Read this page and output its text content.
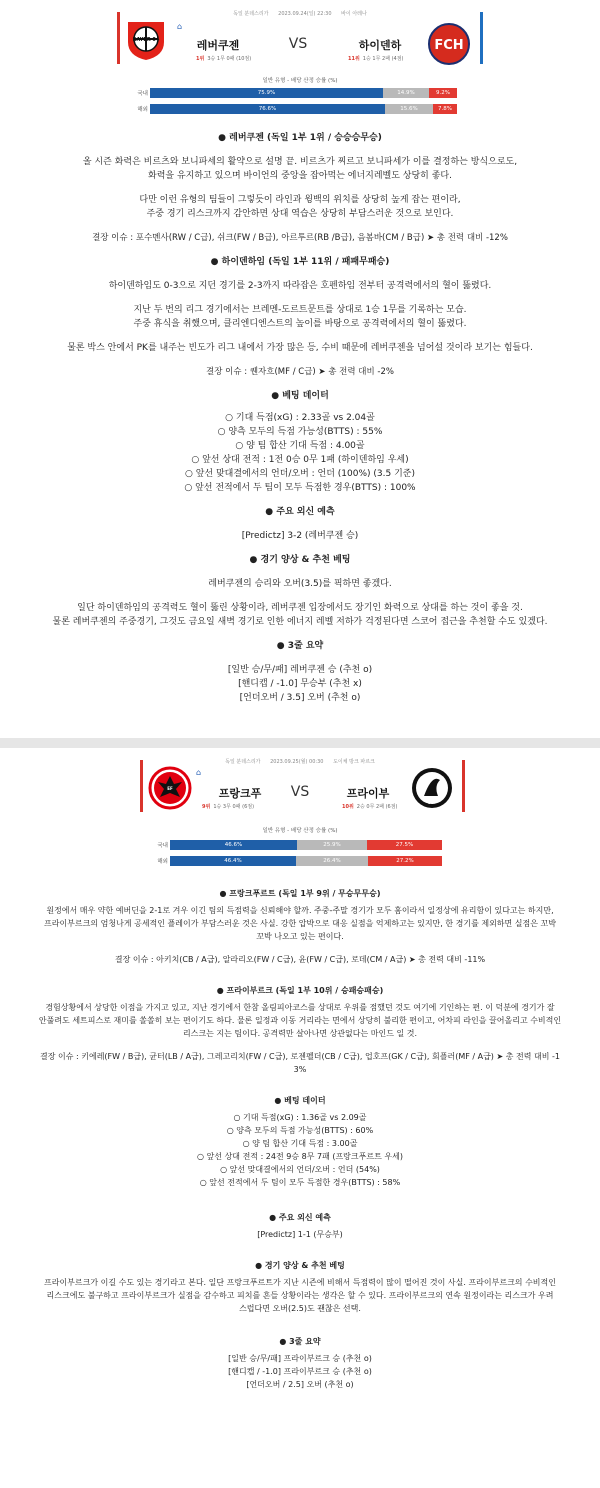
독일 분데스리가 2023.09.24(일) 22:30 바이 아레나
⌂
BAYER 04	레버쿠젠
1위 3승 1무 0패 (10점)
VS	하이덴하
11위 1승 1무 2패 (4점)
FCH
일반 유형 - 배당 산정 승률 (%)
국내	75.9%	14.9%	9.2%
해외	76.6%	15.6%	7.8%
● 레버쿠젠 (독일 1부 1위 / 승승승무승)
올 시즌 화력은 비르츠와 보니파세의 활약으로 설명 끝. 비르츠가 찌르고 보니파세가 이를 결정하는 방식으로도,
화력을 유지하고 있으며 바이언의 중앙을 잡아먹는 에너지레벨도 상당히 좋다.
다만 이런 유형의 팀들이 그렇듯이 라인과 윙백의 위치를 상당히 높게 잡는 편이라,
주중 경기 리스크까지 감안하면 상대 역습은 상당히 부담스러운 것으로 보인다.
결장 이슈 : 포수멘사(RW / C급), 쉬크(FW / B급), 아르투르(RB /B급), 음봄바(CM / B급) ➤ 총 전력 대비 -12%
● 하이덴하임 (독일 1부 11위 / 패패무패승)
하이덴하임도 0-3으로 지던 경기를 2-3까지 따라잡은 호펜하임 전부터 공격력에서의 혈이 뚫렸다.
지난 두 번의 리그 경기에서는 브레멘-도르트문트를 상대로 1승 1무를 기록하는 모습.
주중 휴식을 취했으며, 클리엔디엔스트의 높이를 바탕으로 공격력에서의 혈이 뚫렸다.
물론 박스 안에서 PK를 내주는 빈도가 리그 내에서 가장 많은 등, 수비 때문에 레버쿠젠을 넘어설 것이라 보기는 힘들다.
결장 이슈 : 퀜자흐(MF / C급) ➤ 총 전력 대비 -2%
● 베팅 데이터
○ 기대 득점(xG) : 2.33골 vs 2.04골
○ 양측 모두의 득점 가능성(BTTS) : 55%
○ 양 팀 합산 기대 득점 : 4.00골
○ 앞선 상대 전적 : 1전 0승 0무 1패 (하이덴하임 우세)
○ 앞선 맞대결에서의 언더/오버 : 언더 (100%) (3.5 기준)
○ 앞선 전적에서 두 팀이 모두 득점한 경우(BTTS) : 100%
● 주요 외신 예측
[Predictz] 3-2 (레버쿠젠 승)
● 경기 양상 & 추천 베팅
레버쿠젠의 승리와 오버(3.5)를 픽하면 좋겠다.
일단 하이덴하임의 공격력도 혈이 뚫린 상황이라, 레버쿠젠 입장에서도 장기인 화력으로 상대를 하는 것이 좋을 것.
물론 레버쿠젠의 주중경기, 그것도 금요일 새벽 경기로 인한 에너지 레벨 저하가 걱정된다면 스코어 접근을 추천할 수도 있겠다.
● 3줄 요약
[일반 승/무/패] 레버쿠젠 승 (추천 o)
[핸디캡 / -1.0] 무승부 (추천 x)
[언더오버 / 3.5] 오버 (추천 o)
독일 분데스리가 2023.09.25(월) 00:30 도이체 방크 파르크
⌂
EF	프랑크푸
9위 1승 3무 0패 (6점)
VS	프라이부
10위 2승 0무 2패 (6점)
SCF
일반 유형 - 배당 산정 승률 (%)
국내	46.6%	25.9%	27.5%
해외	46.4%	26.4%	27.2%
● 프랑크푸르트 (독일 1부 9위 / 무승무무승)
원정에서 매우 약한 예버딘을 2-1로 겨우 이긴 팀의 득점력을 신뢰해야 할까. 주중-주말 경기가 모두 홈이라서 일정상에 유리함이 있다고는 하지만,
프라이부르크의 엄청나게 공세적인 플레이가 부담스러운 것은 사실. 강한 압박으로 대응 실점을 억제하고는 있지만, 한 경기를 제외하면 실점은 꼬박
꼬박 나오고 있는 편이다.
결장 이슈 : 아키치(CB / A급), 알라리오(FW / C급), 윤(FW / C급), 로데(CM / A급) ➤ 총 전력 대비 -11%
● 프라이부르크 (독일 1부 10위 / 승패승패승)
경험상황에서 상당한 이점을 가지고 있고, 지난 경기에서 한참 올림피아코스를 상대로 우위를 점했던 것도 여기에 기인하는 편. 이 덕분에 경기가 잘
안풀려도 세트피스로 재미를 쏠쏠히 보는 편이기도 하다. 물론 일정과 이동 거리라는 면에서 상당히 불리한 편이고, 어차피 라인을 끌어올리고 수비적인
리스크는 지는 팀이다. 공격력만 살아나면 상관없다는 마인드 일 것.
결장 이슈 : 키에레(FW / B급), 균터(LB / A급), 그레고리치(FW / C급), 로젠펠더(CB / C급), 업호프(GK / C급), 회플러(MF / A급) ➤ 총 전력 대비 -1
3%
● 베팅 데이터
○ 기대 득점(xG) : 1.36골 vs 2.09골
○ 양측 모두의 득점 가능성(BTTS) : 60%
○ 양 팀 합산 기대 득점 : 3.00골
○ 앞선 상대 전적 : 24전 9승 8무 7패 (프랑크푸르트 우세)
○ 앞선 맞대결에서의 언더/오버 : 언더 (54%)
○ 앞선 전적에서 두 팀이 모두 득점한 경우(BTTS) : 58%
● 주요 외신 예측
[Predictz] 1-1 (무승부)
● 경기 양상 & 추천 베팅
프라이부르크가 이길 수도 있는 경기라고 본다. 일단 프랑크푸르트가 지난 시즌에 비해서 득점력이 많이 떨어진 것이 사실. 프라이부르크의 수비적인
리스크에도 불구하고 프라이부르크가 실점을 감수하고 피치를 흔들 상황이라는 생각은 할 수 있다. 프라이부르크의 연속 원정이라는 리스크가 우려
스럽다면 오버(2.5)도 괜찮은 선택.
● 3줄 요약
[일반 승/무/패] 프라이부르크 승 (추천 o)
[핸디캡 / -1.0] 프라이부르크 승 (추천 o)
[언더오버 / 2.5] 오버 (추천 o)
